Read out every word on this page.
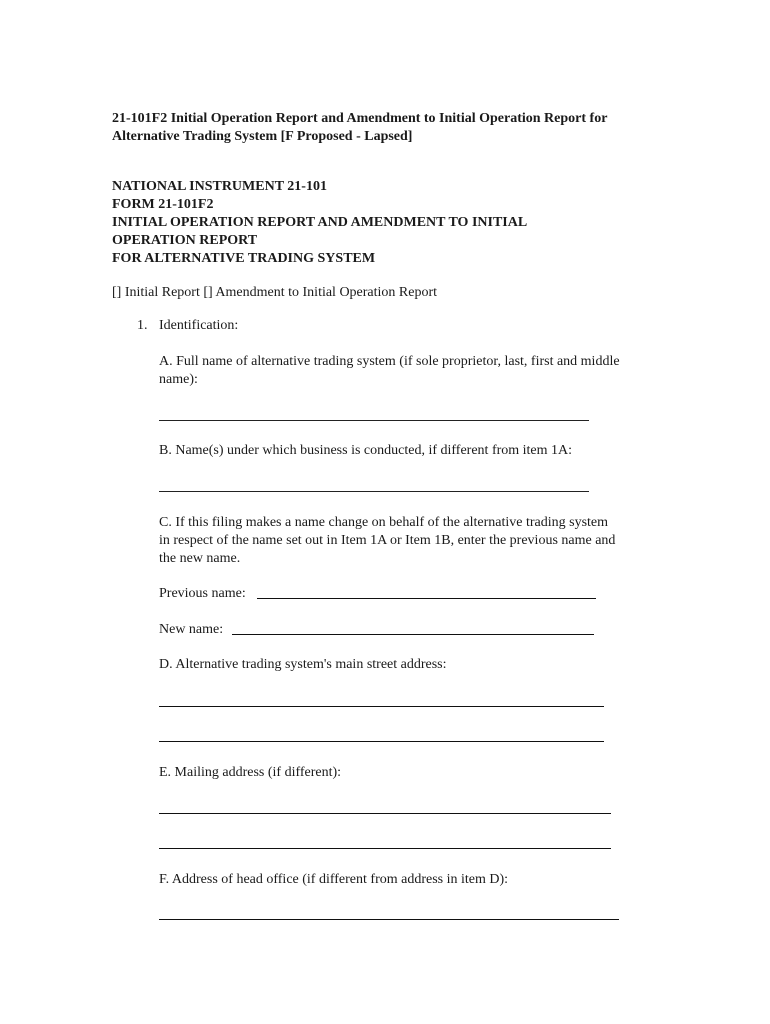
21-101F2 Initial Operation Report and Amendment to Initial Operation Report for
Alternative Trading System [F Proposed - Lapsed]
NATIONAL INSTRUMENT 21-101
FORM 21-101F2
INITIAL OPERATION REPORT AND AMENDMENT TO INITIAL
OPERATION REPORT
FOR ALTERNATIVE TRADING SYSTEM
[] Initial Report [] Amendment to Initial Operation Report
1. Identification:
A. Full name of alternative trading system (if sole proprietor, last, first and middle
name):
B. Name(s) under which business is conducted, if different from item 1A:
C. If this filing makes a name change on behalf of the alternative trading system
in respect of the name set out in Item 1A or Item 1B, enter the previous name and
the new name.
Previous name:
New name:
D. Alternative trading system's main street address:
E. Mailing address (if different):
F. Address of head office (if different from address in item D):
